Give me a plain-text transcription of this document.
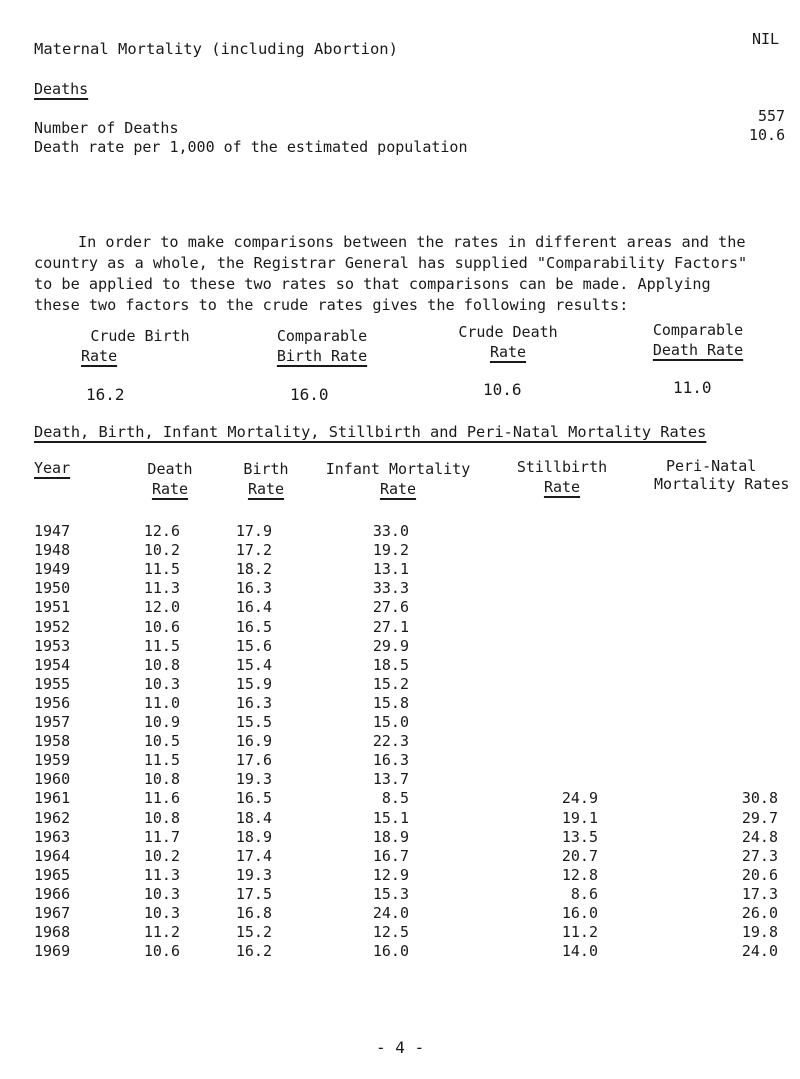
Maternal Mortality (including Abortion)
NIL
Deaths
Number of Deaths
557
Death rate per 1,000 of the estimated population
10.6
In order to make comparisons between the rates in different areas and the
country as a whole, the Registrar General has supplied "Comparability Factors"
to be applied to these two rates so that comparisons can be made. Applying
these two factors to the crude rates gives the following results:
Crude Birth
Rate
Comparable
Birth Rate
Crude Death
Rate
Comparable
Death Rate
16.2	16.0	10.6	11.0
Death, Birth, Infant Mortality, Stillbirth and Peri-Natal Mortality Rates
Year	Death
Rate
Birth
Rate
Infant Mortality
Rate
Stillbirth
Rate
Peri-Natal
Mortality Rates
1947	12.6	17.9	33.0
1948	10.2	17.2	19.2
1949	11.5	18.2	13.1
1950	11.3	16.3	33.3
1951	12.0	16.4	27.6
1952	10.6	16.5	27.1
1953	11.5	15.6	29.9
1954	10.8	15.4	18.5
1955	10.3	15.9	15.2
1956	11.0	16.3	15.8
1957	10.9	15.5	15.0
1958	10.5	16.9	22.3
1959	11.5	17.6	16.3
1960	10.8	19.3	13.7
1961	11.6	16.5	8.5	24.9	30.8
1962	10.8	18.4	15.1	19.1	29.7
1963	11.7	18.9	18.9	13.5	24.8
1964	10.2	17.4	16.7	20.7	27.3
1965	11.3	19.3	12.9	12.8	20.6
1966	10.3	17.5	15.3	8.6	17.3
1967	10.3	16.8	24.0	16.0	26.0
1968	11.2	15.2	12.5	11.2	19.8
1969	10.6	16.2	16.0	14.0	24.0
- 4 -
